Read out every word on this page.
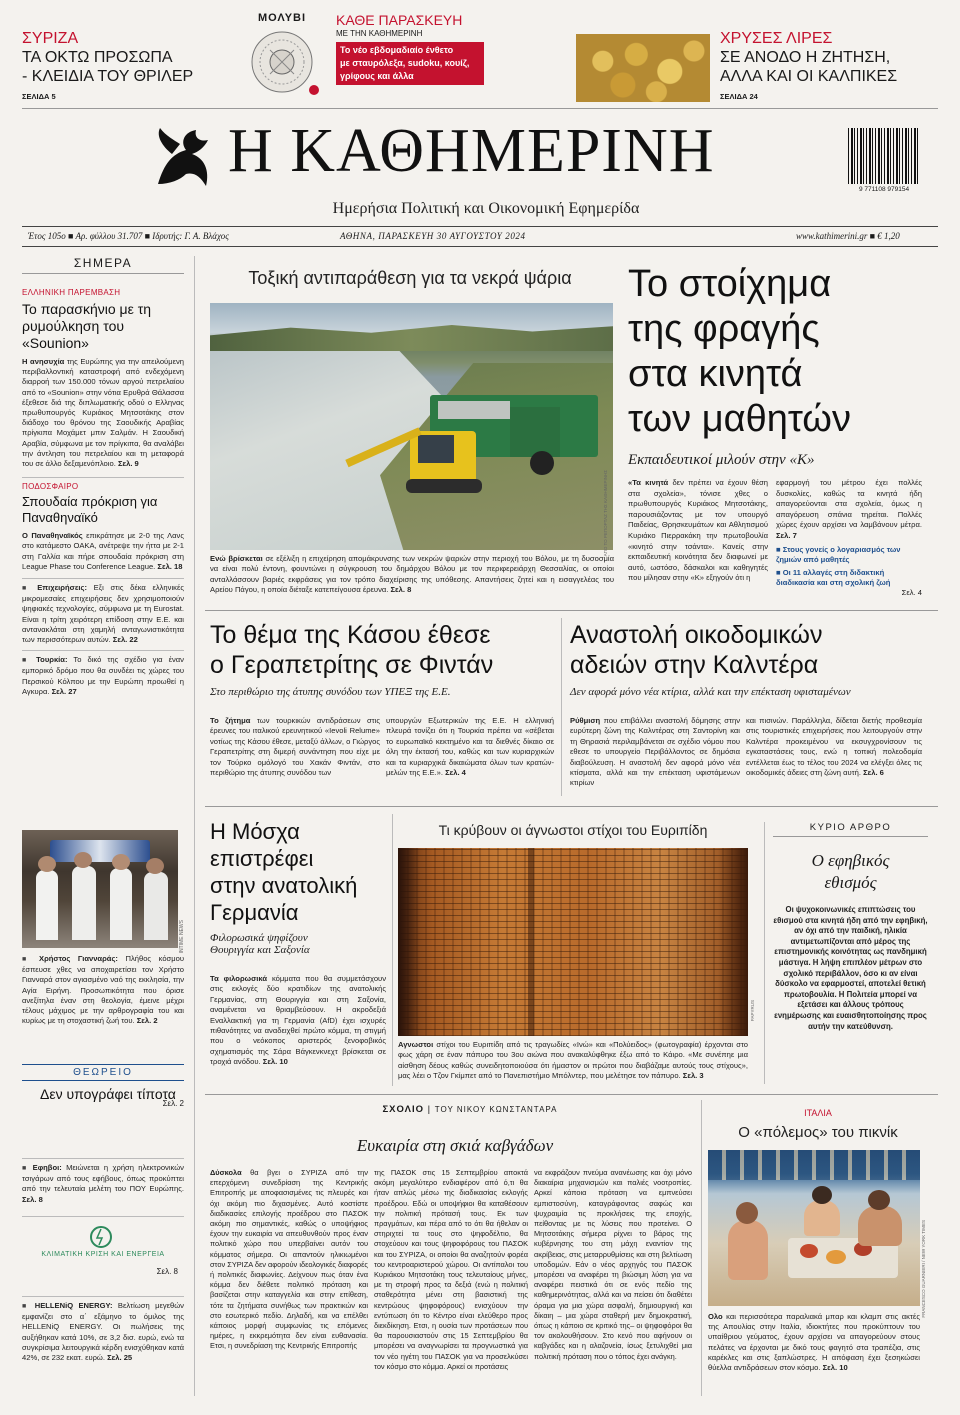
ΣΥΡΙΖΑ
ΤΑ ΟΚΤΩ ΠΡΟΣΩΠΑ
- ΚΛΕΙΔΙΑ ΤΟΥ ΘΡΙΛΕΡ
ΣΕΛΙΔΑ 5
ΜΟΛΥΒΙ	ΚΑΘΕ ΠΑΡΑΣΚΕΥΗ
ΜΕ ΤΗΝ ΚΑΘΗΜΕΡΙΝΗ
Το νέο εβδομαδιαίο ένθετο
με σταυρόλεξα, sudoku, κουίζ,
γρίφους και άλλα
ΧΡΥΣΕΣ ΛΙΡΕΣ
ΣΕ ΑΝΟΔΟ Η ΖΗΤΗΣΗ,
ΑΛΛΑ ΚΑΙ ΟΙ ΚΑΛΠΙΚΕΣ
ΣΕΛΙΔΑ 24
Η ΚΑΘΗΜΕΡΙΝΗ
Ημερήσια Πολιτική και Οικονομική Εφημερίδα
9 771108 979154
Έτος 105ο ■ Αρ. φύλλου 31.707 ■ Ιδρυτής: Γ. Α. Βλάχος	ΑΘΗΝΑ, ΠΑΡΑΣΚΕΥΗ 30 ΑΥΓΟΥΣΤΟΥ 2024	www.kathimerini.gr ■ € 1,20
ΣΗΜΕΡΑ
ΕΛΛΗΝΙΚΗ ΠΑΡΕΜΒΑΣΗ
Το παρασκήνιο με τη ρυμούλκηση του «Sounion»
Η ανησυχία της Ευρώπης για την απειλούμενη περιβαλλοντική καταστροφή από ενδεχόμενη διαρροή των 150.000 τόνων αργού πετρελαίου από το «Sounion» στην νότια Ερυθρά Θάλασσα έξεθεσε διά της διπλωματικής οδού ο Ελληνας πρωθυπουργός Κυριάκος Μητσοτάκης στον διάδοχο του θρόνου της Σαουδικής Αραβίας πρίγκιπα Μοχάμετ μπιν Σαλμάν. Η Σαουδική Αραβία, σύμφωνα με τον πρίγκιπα, θα αναλάβει την άντληση του πετρελαίου και τη μεταφορά του σε άλλο δεξαμενόπλοιο. Σελ. 9
ΠΟΔΟΣΦΑΙΡΟ
Σπουδαία πρόκριση για Παναθηναϊκό
Ο Παναθηναϊκός επικράτησε με 2-0 της Λανς στο κατάμεστο ΟΑΚΑ, ανέτρεψε την ήττα με 2-1 στη Γαλλία και πήρε σπουδαία πρόκριση στη League Phase του Conference League. Σελ. 18
■ Επιχειρήσεις: Εξι στις δέκα ελληνικές μικρομεσαίες επιχειρήσεις δεν χρησιμοποιούν ψηφιακές τεχνολογίες, σύμφωνα με τη Eurostat. Είναι η τρίτη χειρότερη επίδοση στην Ε.Ε. και αντανακλάται στη χαμηλή ανταγωνιστικότητα των περισσότερων αυτών. Σελ. 22
■ Τουρκία: Το δικό της σχέδιο για έναν εμπορικό δρόμο που θα συνδέει τις χώρες του Περσικού Κόλπου με την Ευρώπη προωθεί η Αγκυρα. Σελ. 27
INTIME NEWS
■ Χρήστος Γιανναράς: Πλήθος κόσμου έσπευσε χθες να αποχαιρετίσει τον Χρήστο Γιανναρά στον αγιασμένο ναό της εκκλησία, την Αγία Ειρήνη. Προσωπικότητα που όρισε ανεξίτηλα έναν στη θεολογία, έμεινε μέχρι τέλους μάχιμος με την αρθρογραφία του και κυρίως με τη στοχαστική ζωή του. Σελ. 2
ΘΕΩΡΕΙΟ
Δεν υπογράφει τίποτα
Σελ. 2
■ Εφηβοι: Μειώνεται η χρήση ηλεκτρονικών τσιγάρων από τους εφήβους, όπως προκύπτει από την τελευταία μελέτη του ΠΟΥ Ευρώπης. Σελ. 8
ΚΛΙΜΑΤΙΚΗ ΚΡΙΣΗ ΚΑΙ ΕΝΕΡΓΕΙΑ
Σελ. 8
■ HELLENiQ ENERGY: Βελτίωση μεγεθών εμφανίζει στο α΄ εξάμηνο το όμιλος της HELLENiQ ENERGY. Οι πωλήσεις της αυξήθηκαν κατά 10%, σε 3,2 δισ. ευρώ, ενώ τα συγκρίσιμα λειτουργικά κέρδη ενισχύθηκαν κατά 42%, σε 232 εκατ. ευρώ. Σελ. 25
Τοξική αντιπαράθεση για τα νεκρά ψάρια
ΑΠΟ ΤΟ ΡΕΠΟΡΤΑΖ ΤΗΣ ΚΑΘΗΜΕΡΙΝΗΣ
Ενώ βρίσκεται σε εξέλιξη η επιχείρηση απομάκρυνσης των νεκρών ψαριών στην περιοχή του Βόλου, με τη δυσοσμία να είναι πολύ έντονη, φουντώνει η σύγκρουση του δημάρχου Βόλου με τον περιφερειάρχη Θεσσαλίας, οι οποίοι ανταλλάσσουν βαριές εκφράσεις για τον τρόπο διαχείρισης της υπόθεσης. Απαντήσεις ζητεί και η εισαγγελέας του Αρείου Πάγου, η οποία διέταξε κατεπείγουσα έρευνα. Σελ. 8
Το στοίχημα
της φραγής
στα κινητά
των μαθητών
Εκπαιδευτικοί μιλούν στην «Κ»
«Τα κινητά δεν πρέπει να έχουν θέση στα σχολεία», τόνισε χθες ο πρωθυπουργός Κυριάκος Μητσοτάκης, παρουσιάζοντας με τον υπουργό Παιδείας, Θρησκευμάτων και Αθλητισμού Κυριάκο Πιερρακάκη την πρωτοβουλία «κινητό στην τσάντα». Κανείς στην εκπαιδευτική κοινότητα δεν διαφωνεί με αυτό, ωστόσο, δάσκαλοι και καθηγητές που μίλησαν στην «Κ» εξηγούν ότι η
εφαρμογή του μέτρου έχει πολλές δυσκολίες, καθώς τα κινητά ήδη απαγορεύονται στα σχολεία, όμως η απαγόρευση σπάνια τηρείται. Πολλές χώρες έχουν αρχίσει να λαμβάνουν μέτρα. Σελ. 7
■ Στους γονείς ο λογαριασμός των ζημιών από μαθητές
■ Οι 11 αλλαγές στη διδακτική διαδικασία και στη σχολική ζωή
Σελ. 4
Το θέμα της Κάσου έθεσε
ο Γεραπετρίτης σε Φιντάν
Στο περιθώριο της άτυπης συνόδου των ΥΠΕΞ της Ε.Ε.
Το ζήτημα των τουρκικών αντιδράσεων στις έρευνες του ιταλικού ερευνητικού «Ievoli Relume» νοτίως της Κάσου έθεσε, μεταξύ άλλων, ο Γιώργος Γεραπετρίτης στη διμερή συνάντηση που είχε με τον Τούρκο ομόλογό του Χακάν Φιντάν, στο περιθώριο της άτυπης συνόδου των
υπουργών Εξωτερικών της Ε.Ε. Η ελληνική πλευρά τονίζει ότι η Τουρκία πρέπει να «σέβεται το ευρωπαϊκό κεκτημένο και τα διεθνές δίκαιο σε όλη την έκτασή του, καθώς και των κυριαρχικών και τα κυριαρχικά δικαιώματα όλων των κρατών-μελών της Ε.Ε.». Σελ. 4
Αναστολή οικοδομικών
αδειών στην Καλντέρα
Δεν αφορά μόνο νέα κτίρια, αλλά και την επέκταση υφισταμένων
Ρύθμιση που επιβάλλει αναστολή δόμησης στην ευρύτερη ζώνη της Καλντέρας στη Σαντορίνη και τη Θηρασιά περιλαμβάνεται σε σχέδιο νόμου που εθεσε το υπουργείο Περιβάλλοντος σε δημόσια διαβούλευση. Η αναστολή δεν αφορά μόνο νέα κτίσματα, αλλά και την επέκταση υφιστάμενων κτιρίων
και πισινών. Παράλληλα, δίδεται διετής προθεσμία στις τουριστικές επιχειρήσεις που λειτουργούν στην Καλντέρα προκειμένου να εκσυγχρονίσουν τις εγκαταστάσεις τους, ενώ η τοπική πολεοδομία εντέλλεται έως το τέλος του 2024 να ελέγξει όλες τις οικοδομικές άδειες στη ζώνη αυτή. Σελ. 6
Η Μόσχα
επιστρέφει
στην ανατολική
Γερμανία
Φιλορωσικά ψηφίζουν
Θουριγγία και Σαξονία
Τα φιλορωσικά κόμματα που θα συμμετάσχουν στις εκλογές δύο κρατιδίων της ανατολικής Γερμανίας, στη Θουριγγία και στη Σαξονία, αναμένεται να θριαμβεύσουν. Η ακροδεξιά Εναλλακτική για τη Γερμανία (AfD) έχει ισχυρές πιθανότητες να αναδειχθεί πρώτο κόμμα, τη στιγμή που ο νεόκοπος αριστερός ξενοφοβικός σχηματισμός της Σάρα Βάγκενκνεχτ βρίσκεται σε τροχιά ανόδου. Σελ. 10
Τι κρύβουν οι άγνωστοι στίχοι του Ευριπίδη
PAPYRUS
Αγνωστοι στίχοι του Ευριπίδη από τις τραγωδίες «Ινώ» και «Πολύειδος» (φωτογραφία) έρχονται στο φως χάρη σε έναν πάπυρο του 3ου αιώνα που ανακαλύφθηκε έξω από το Κάιρο. «Με συνέπηε μια αίσθηση δέους καθώς συνειδητοποιούσα ότι ήμαστον οι πρώτοι που διαβάζαμε αυτούς τους στίχους», μας λέει ο Τζον Γκίμπετ από το Πανεπιστήμιο Μπόλντερ, που μελέτησε τον πάπυρο. Σελ. 3
ΚΥΡΙΟ ΑΡΘΡΟ
Ο εφηβικός
εθισμός
Οι ψυχοκοινωνικές επιπτώσεις του εθισμού στα κινητά ήδη από την εφηβική, αν όχι από την παιδική, ηλικία αντιμετωπίζονται από μέρος της επιστημονικής κοινότητας ως πανδημική μάστιγα. Η λήψη επιπλέον μέτρων στο σχολικό περιβάλλον, όσο κι αν είναι δύσκολο να εφαρμοστεί, αποτελεί θετική πρωτοβουλία. Η Πολιτεία μπορεί να εξετάσει και άλλους τρόπους ενημέρωσης και ευαισθητοποίησης προς αυτήν την κατεύθυνση.
ΣΧΟΛΙΟ | ΤΟΥ ΝΙΚΟΥ ΚΩΝΣΤΑΝΤΑΡΑ
Ευκαιρία στη σκιά καβγάδων
Δύσκολα θα βγει ο ΣΥΡΙΖΑ από την επερχόμενη συνεδρίαση της Κεντρικής Επιτροπής με αποφασισμένες τις πλευρές και όχι ακόμη πιο διχασμένες. Αυτό κοστίστε διαδικασίες επιλογής προέδρου στο ΠΑΣΟΚ ακόμη πιο σημαντικές, καθώς ο υποψήφιος έχουν την ευκαιρία να απευθυνθούν προς έναν πολιτικό χώρο που υπερβαίνει αυτόν του κόμματος σήμερα. Οι απαντούν ηλικιωμένοι στον ΣΥΡΙΖΑ δεν αφορούν ιδεολογικές διαφορές ή πολιτικές διαφωνίες. Δείχνουν πως όταν ένα κόμμα δεν διέθετε πολιτικό πρόταση και βασίζεται στην καταγγελία και στην επίθεση, τότε τα ζητήματα συνήθως των πρακτικών και στο εσωτερικό πεδίο. Δηλαδή, και να επέλθει κάποιος μορφή συμφωνίας τις επόμενες ημέρες, η εκκρεμότητα δεν είναι ευθανασία. Ετσι, η συνεδρίαση της Κεντρικής Επιτροπής
της ΠΑΣΟΚ στις 15 Σεπτεμβρίου αποκτά ακόμη μεγαλύτερο ενδιαφέρον από ό,τι θα ήταν απλώς μέσω της διαδικασίας εκλογής προέδρου. Εδώ οι υποψήφιοι θα καταθέσουν την πολιτική πρότασή τους. Εκ των πραγμάτων, και πέρα από το ότι θα ήθελαν οι στηριχτεί τα τους στο ψηφοδέλτιο, θα στοχεύουν και τους ψηφοφόρους του ΠΑΣΟΚ και του ΣΥΡΙΖΑ, οι οποίοι θα αναζητούν φορέα του κεντροαριστερού χώρου. Οι αντίπαλοι του Κυριάκου Μητσοτάκη τους τελευταίους μήνες, με τη στροφή προς τα δεξιά (ενώ η πολιτική σταθερότητα μένει στη βασιστική της κεντρώους ψηφοφόρους) ενισχύουν την εντύπωση ότι το Κέντρο είναι ελεύθερο προς διεκδίκηση. Ετσι, η ουσία των προτάσεων που θα παρουσιαστούν στις 15 Σεπτεμβρίου θα μπορέσει να αναγνωρίσει τα προγνωστικά για τον νέο ηγέτη του ΠΑΣΟΚ για να προσελκύσει τον κόσμο στο κόμμα. Αρκεί οι προτάσεις
να εκφράζουν πνεύμα ανανέωσης και όχι μόνο διακαίρια μηχανισμών και παλιές νοοτροπίες. Αρκεί κάποια πρόταση να εμπνεύσει εμπιστοσύνη, καταγράφοντας σαφώς και ψυχραιμία τις προκλήσεις της εποχής, πείθοντας με τις λύσεις που προτείνει. Ο Μητσοτάκης σήμερα ρίχνει το βάρος της κυβέρνησης του στη μάχη εναντίον της ακρίβειας, στις μεταρρυθμίσεις και στη βελτίωση υποδομών. Εάν ο νέος αρχηγός του ΠΑΣΟΚ μπορέσει να αναφέρει τη βιώσιμη λύση για να αναφέρει πειστικά ότι σε ενός πεδίο της καθημερινότητας, αλλά και να πείσει ότι διαθέτει όραμα για μια χώρα ασφαλή, δημιουργική και δίκαιη – μια χώρα σταθερή μεν δημοκρατική, όπως η κάποιο σε κριτικό της– οι ψηφοφόροι θα τον ακολουθήσουν. Στο κενό που αφήνουν οι καβγάδες και η αλαζονεία, ίσως ξετυλιχθεί μια πολιτική πρόταση που ο τόπος έχει ανάγκη.
ΙΤΑΛΙΑ
Ο «πόλεμος» του πικνίκ
FRANCESCO GUARNIERI / NEW YORK TIMES
Ολο και περισσότερα παραλιακά μπαρ και κλαμπ στις ακτές της Απουλίας στην Ιταλία, ιδιοκτήτες που προκύπτουν του υπαίθριου γεύματος, έχουν αρχίσει να απαγορεύουν στους πελάτες να έρχονται με δικό τους φαγητό στα τραπέζια, στις καρέκλες και στις ξαπλώστρες. Η απόφαση έχει ξεσηκώσει θύελλα αντιδράσεων στον κόσμο. Σελ. 10
